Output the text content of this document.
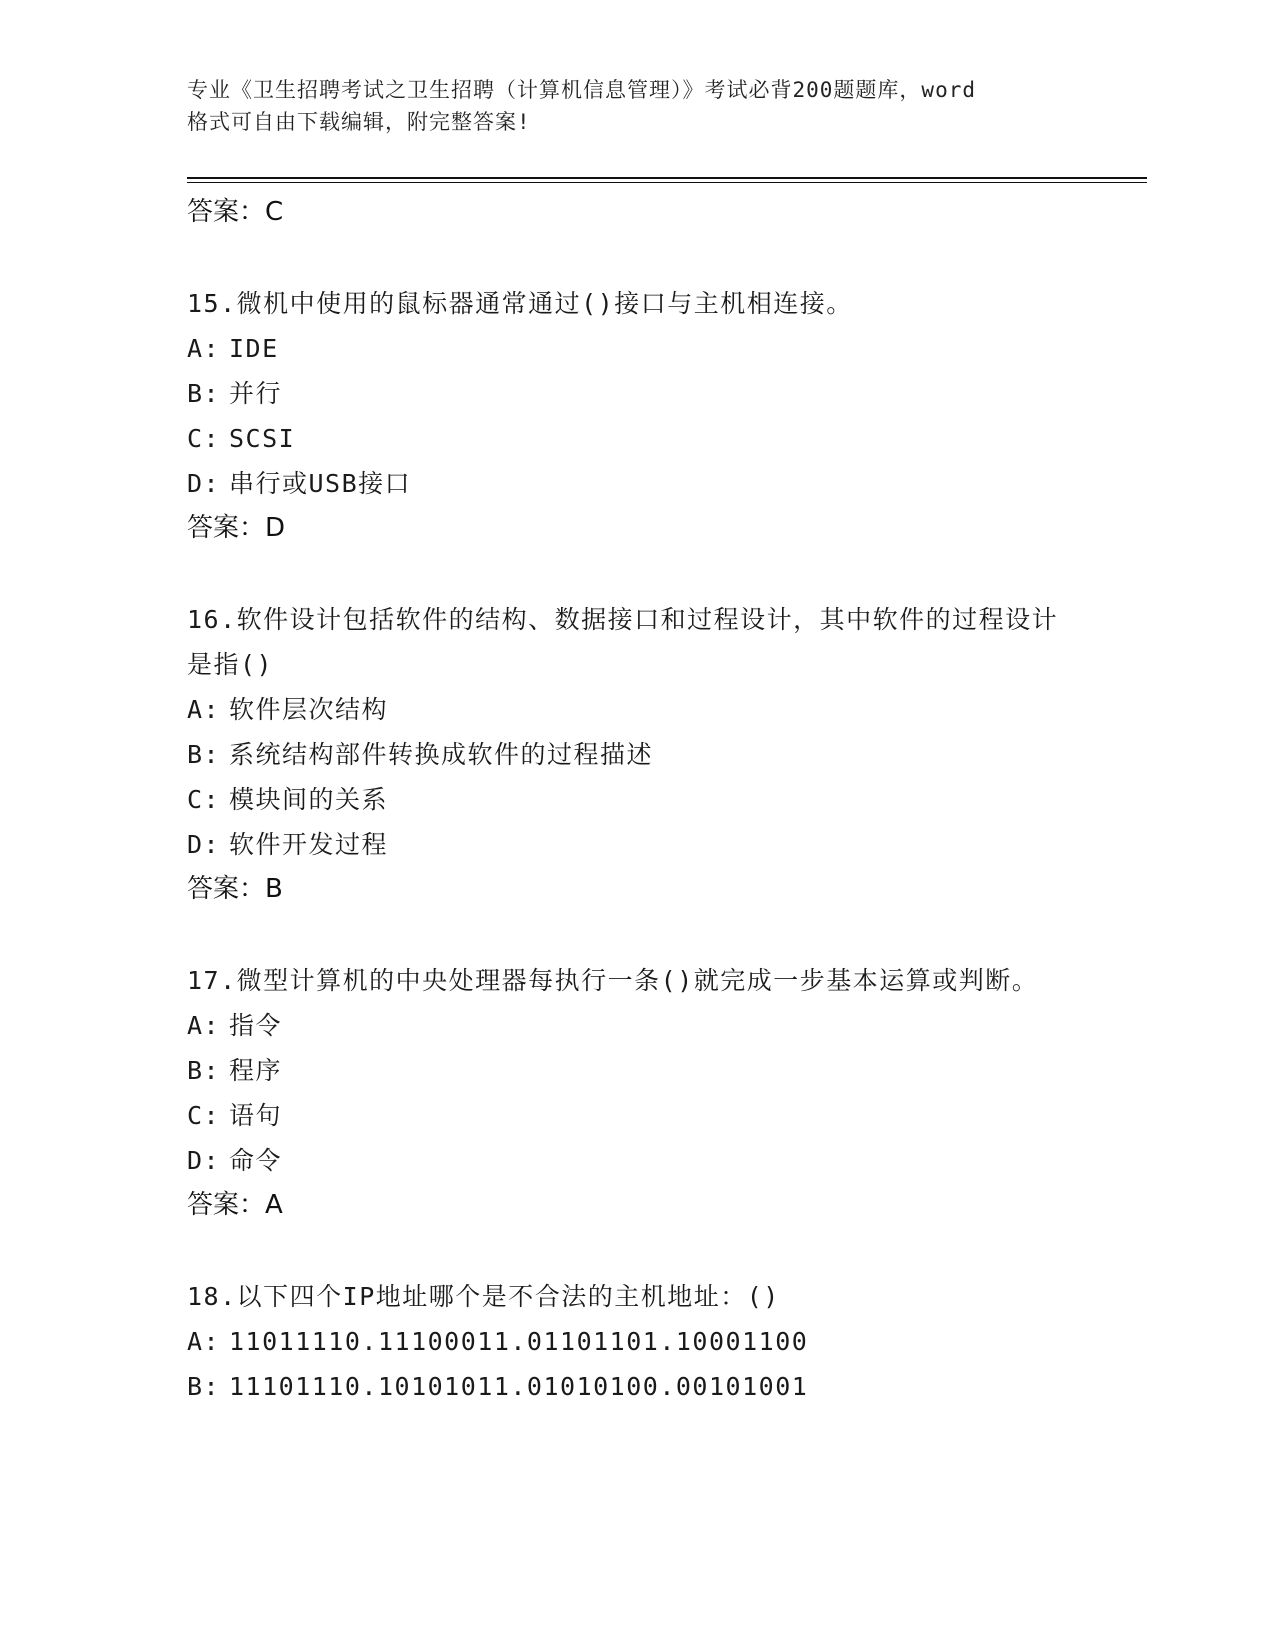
专业《卫生招聘考试之卫生招聘（计算机信息管理）》考试必背200题题库，word
格式可自由下载编辑，附完整答案!
答案：C
15.微机中使用的鼠标器通常通过()接口与主机相连接。
A: IDE
B: 并行
C: SCSI
D: 串行或USB接口
答案：D
16.软件设计包括软件的结构、数据接口和过程设计，其中软件的过程设计是指()
A: 软件层次结构
B: 系统结构部件转换成软件的过程描述
C: 模块间的关系
D: 软件开发过程
答案：B
17.微型计算机的中央处理器每执行一条()就完成一步基本运算或判断。
A: 指令
B: 程序
C: 语句
D: 命令
答案：A
18.以下四个IP地址哪个是不合法的主机地址：()
A: 11011110.11100011.01101101.10001100
B: 11101110.10101011.01010100.00101001
